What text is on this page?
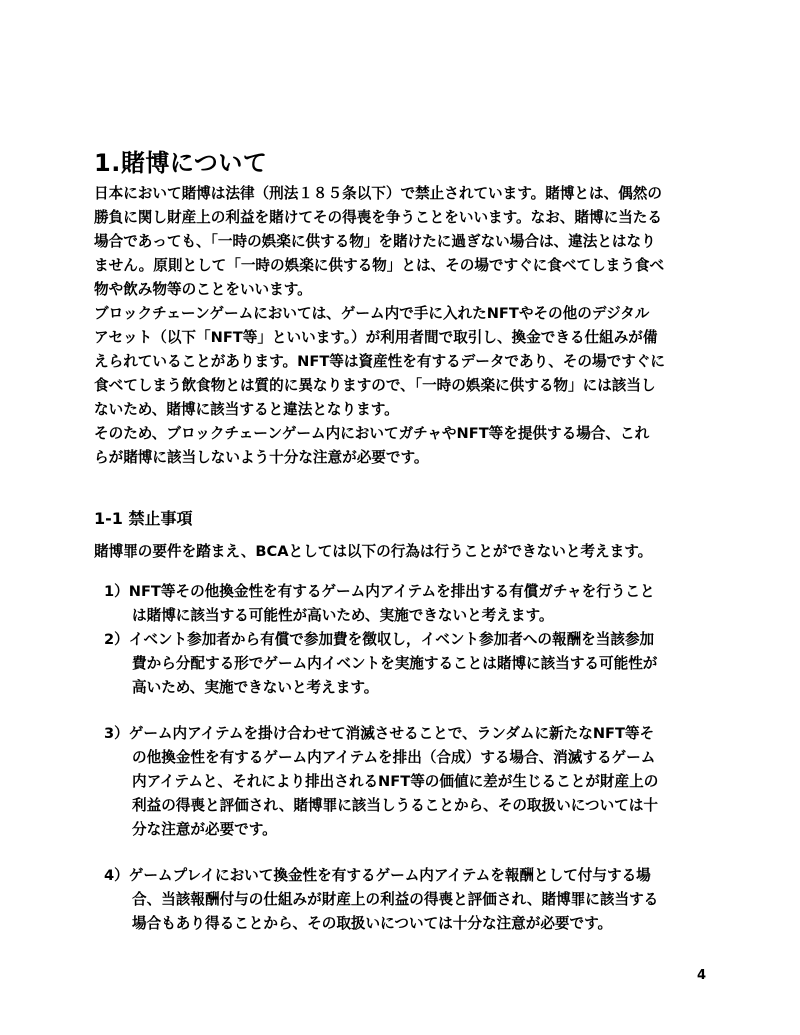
1.賭博について

日本において賭博は法律（刑法１８５条以下）で禁止されています。賭博とは、偶然の

勝負に関し財産上の利益を賭けてその得喪を争うことをいいます。なお、賭博に当たる

場合であっても、「一時の娯楽に供する物」を賭けたに過ぎない場合は、違法とはなり

ません。原則として「一時の娯楽に供する物」とは、その場ですぐに食べてしまう食べ

物や飲み物等のことをいいます。

ブロックチェーンゲームにおいては、ゲーム内で手に入れたNFTやその他のデジタル

アセット（以下「NFT等」といいます。）が利用者間で取引し、換金できる仕組みが備

えられていることがあります。NFT等は資産性を有するデータであり、その場ですぐに

食べてしまう飲食物とは質的に異なりますので、「一時の娯楽に供する物」には該当し

ないため、賭博に該当すると違法となります。

そのため、ブロックチェーンゲーム内においてガチャやNFT等を提供する場合、これ

らが賭博に該当しないよう十分な注意が必要です。

1-1 禁止事項

賭博罪の要件を踏まえ、BCAとしては以下の行為は行うことができないと考えます。

1）NFT等その他換金性を有するゲーム内アイテムを排出する有償ガチャを行うこと

は賭博に該当する可能性が高いため、実施できないと考えます。

2）イベント参加者から有償で参加費を徴収し，イベント参加者への報酬を当該参加

費から分配する形でゲーム内イベントを実施することは賭博に該当する可能性が

高いため、実施できないと考えます。

3）ゲーム内アイテムを掛け合わせて消滅させることで、ランダムに新たなNFT等そ

の他換金性を有するゲーム内アイテムを排出（合成）する場合、消滅するゲーム

内アイテムと、それにより排出されるNFT等の価値に差が生じることが財産上の

利益の得喪と評価され、賭博罪に該当しうることから、その取扱いについては十

分な注意が必要です。

4）ゲームプレイにおいて換金性を有するゲーム内アイテムを報酬として付与する場

合、当該報酬付与の仕組みが財産上の利益の得喪と評価され、賭博罪に該当する

場合もあり得ることから、その取扱いについては十分な注意が必要です。

4
